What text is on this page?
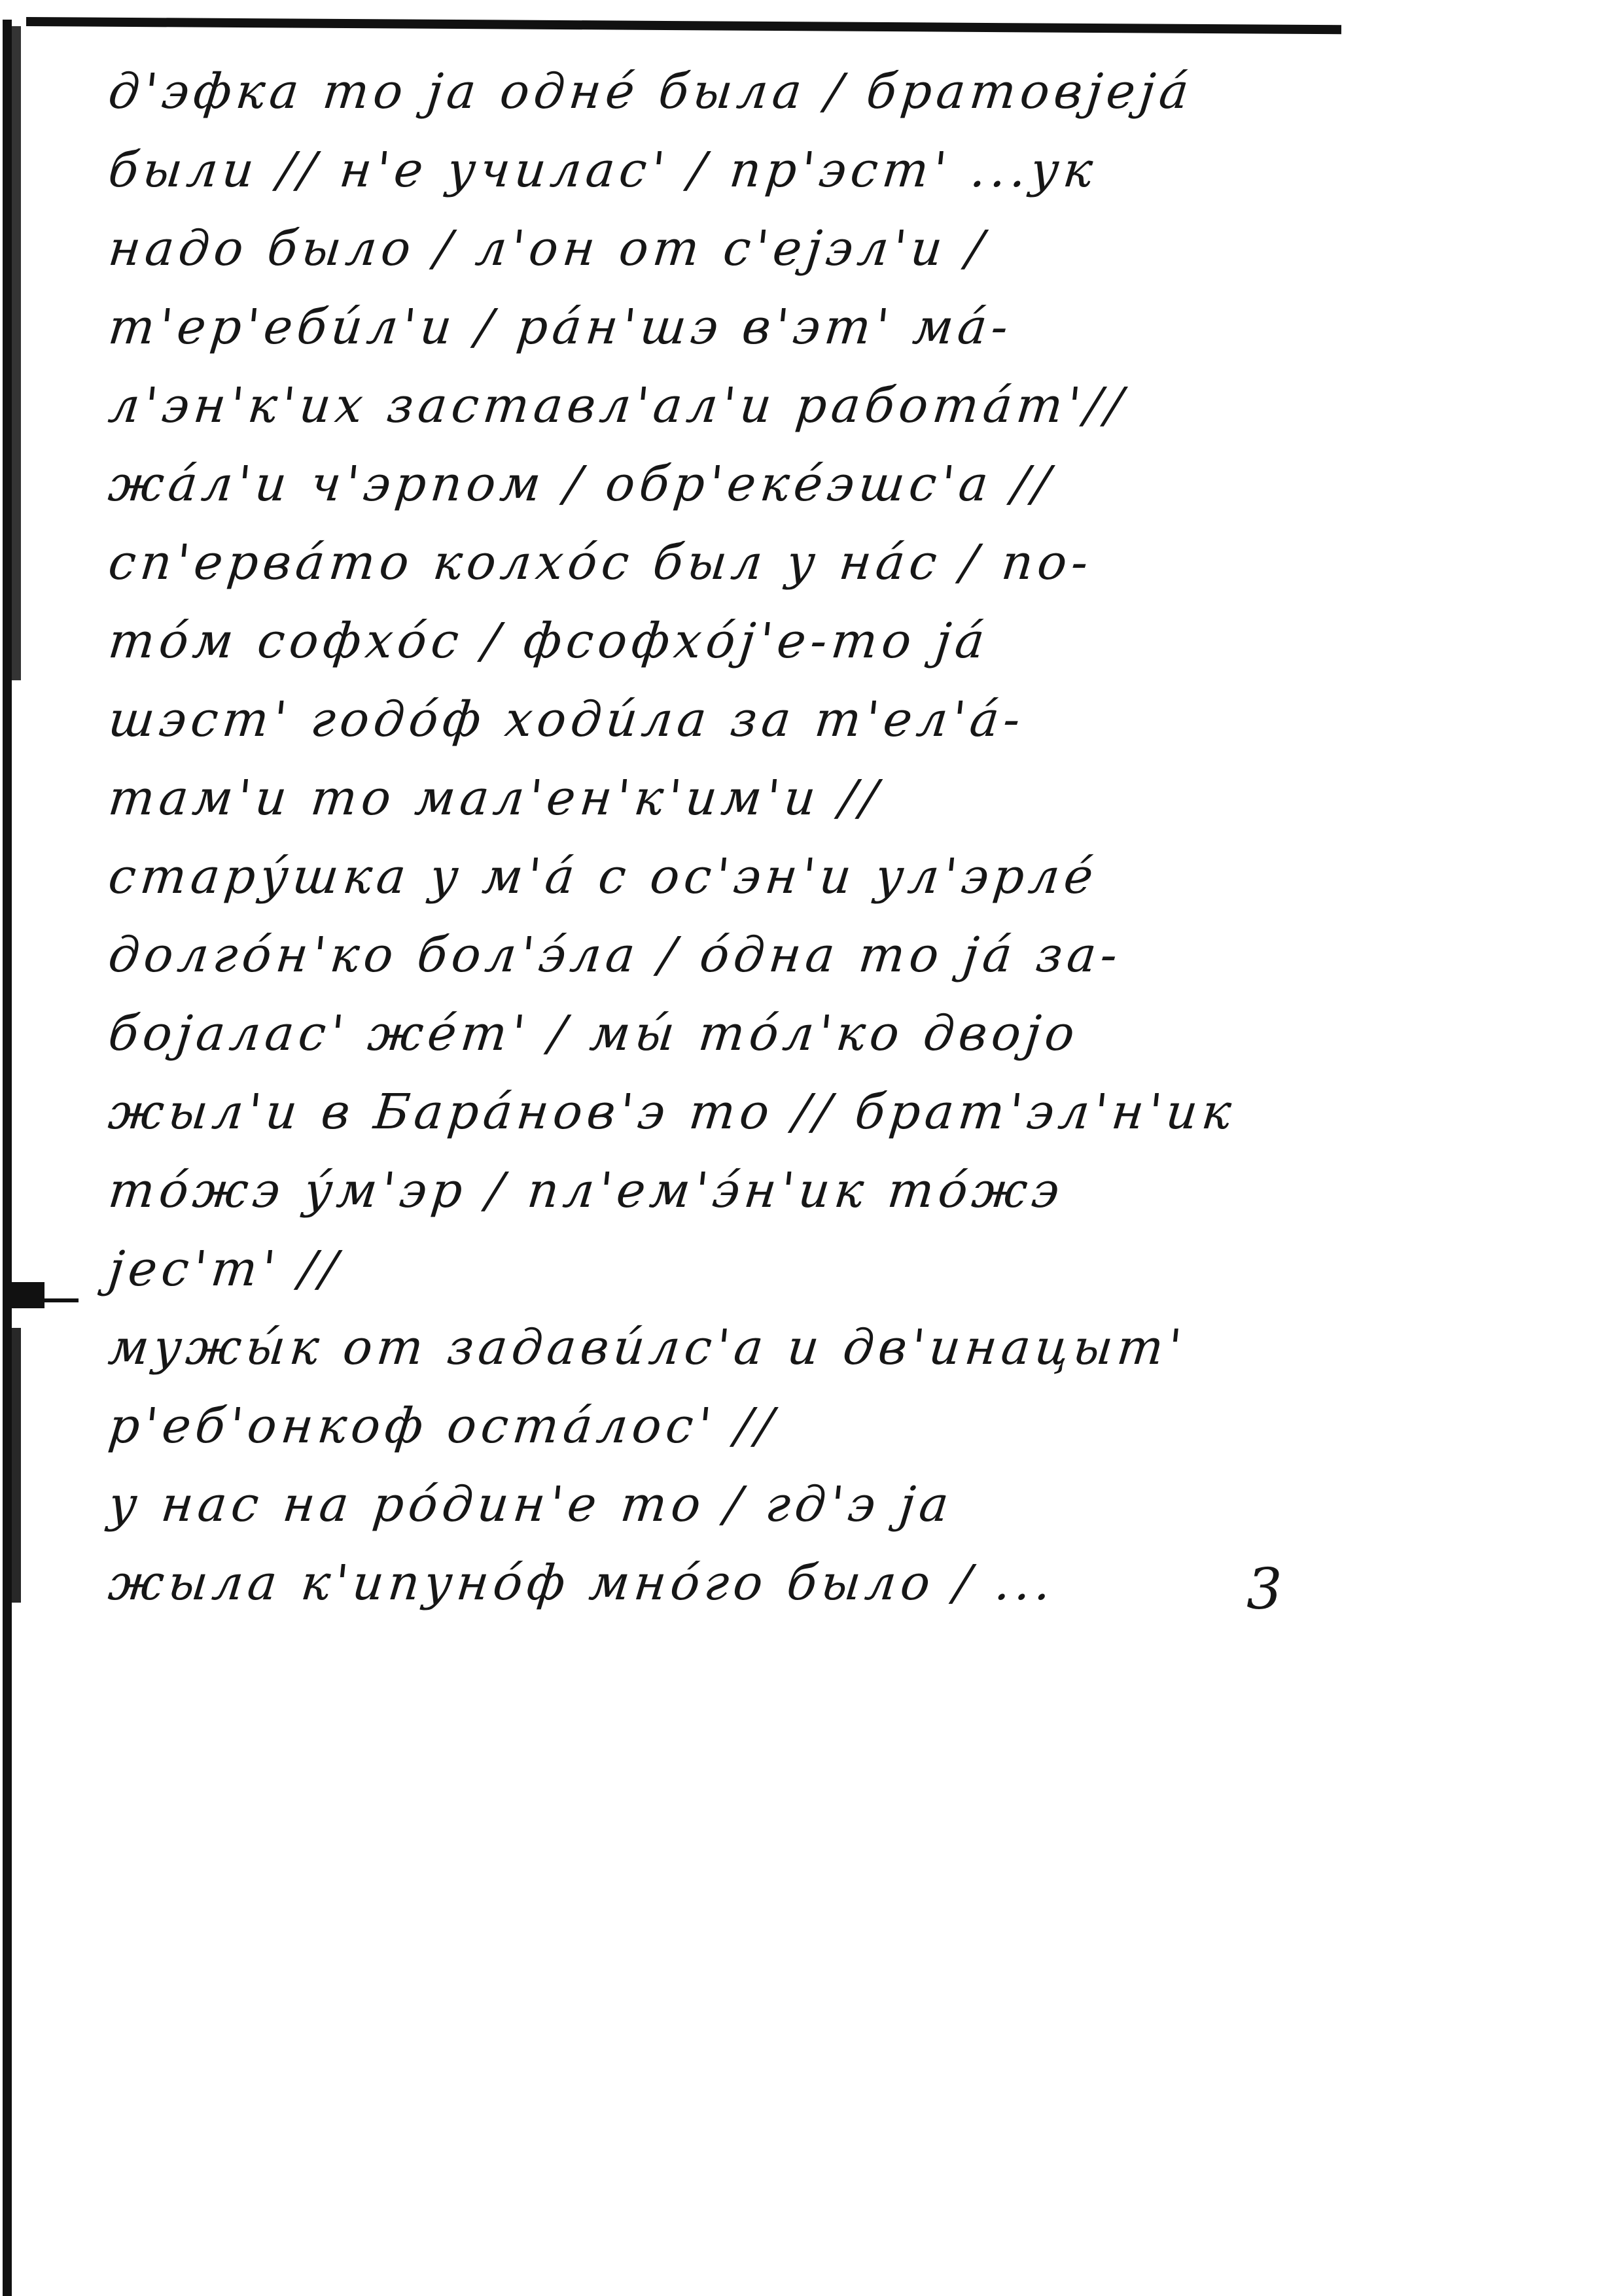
д'эфка то ја одне́ была / братовјеја́
были // н'е училас' / пр'эст' ...ук
надо было / л'он от с'ејэл'и /
т'ер'еби́л'и / ра́н'шэ в'эт' ма́-
л'эн'к'их заставл'ал'и работа́т'//
жа́л'и ч'эрпом / обр'еке́эшс'а //
сп'ерва́то колхо́с был у на́с / по-
то́м софхо́с / фсофхо́ј'е-то ја́
шэст' годо́ф ходи́ла за т'ел'а́-
там'и то мал'ен'к'им'и //
стару́шка у м'а́ с ос'эн'и ул'эрле́
долго́н'ко бол'э́ла / о́дна то ја́ за-
бојалас' же́т' / мы́ то́л'ко двојо
жыл'и в Бара́нов'э то // брат'эл'н'ик
то́жэ у́м'эр / пл'ем'э́н'ик то́жэ
јес'т' //
мужы́к от задави́лс'а и дв'инацыт'
р'еб'онкоф оста́лос' //
у нас на ро́дин'е то / гд'э ја
жыла к'ипуно́ф мно́го было / ...	3
